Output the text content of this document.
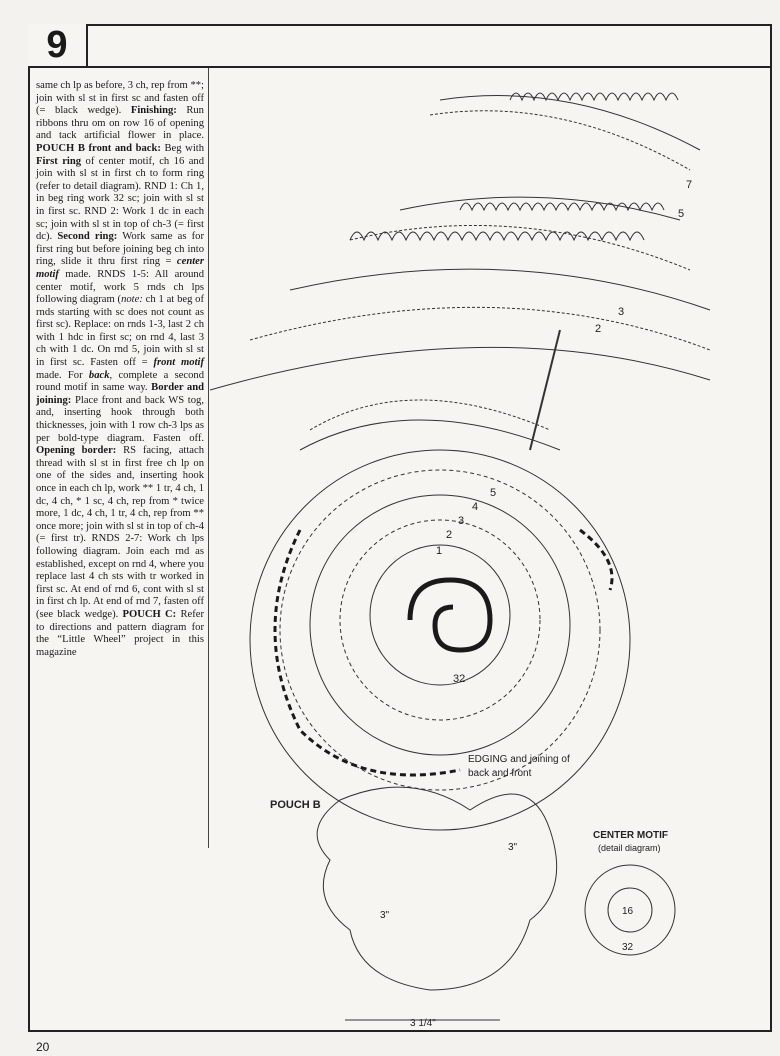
9

same ch lp as before, 3 ch, rep from **; join with sl st in first sc and fasten off (= black wedge). Finishing: Run ribbons thru om on row 16 of opening and tack artificial flower in place. POUCH B front and back: Beg with First ring of center motif, ch 16 and join with sl st in first ch to form ring (refer to detail diagram). RND 1: Ch 1, in beg ring work 32 sc; join with sl st in first sc. RND 2: Work 1 dc in each sc; join with sl st in top of ch-3 (= first dc). Second ring: Work same as for first ring but before joining beg ch into ring, slide it thru first ring = center motif made. RNDS 1-5: All around center motif, work 5 rnds ch lps following diagram (note: ch 1 at beg of rnds starting with sc does not count as first sc). Replace: on rnds 1-3, last 2 ch with 1 hdc in first sc; on rnd 4, last 3 ch with 1 dc. On rnd 5, join with sl st in first sc. Fasten off = front motif made. For back, complete a second round motif in same way. Border and joining: Place front and back WS tog, and, inserting hook through both thicknesses, join with 1 row ch-3 lps as per bold-type diagram. Fasten off. Opening border: RS facing, attach thread with sl st in first free ch lp on one of the sides and, inserting hook once in each ch lp, work ** 1 tr, 4 ch, 1 dc, 4 ch, * 1 sc, 4 ch, rep from * twice more, 1 dc, 4 ch, 1 tr, 4 ch, rep from ** once more; join with sl st in top of ch-4 (= first tr). RNDS 2-7: Work ch lps following diagram. Join each rnd as established, except on rnd 4, where you replace last 4 ch sts with tr worked in first sc. At end of rnd 6, cont with sl st in first ch lp. At end of rnd 7, fasten off (see black wedge). POUCH C: Refer to directions and pattern diagram for the “Little Wheel” project in this magazine

5
4
3
2
1
32
5
7
2
3
EDGING and joining of
back and front
POUCH B
3"
3"
3 1/4"
CENTER MOTIF
(detail diagram)
16
32
20
